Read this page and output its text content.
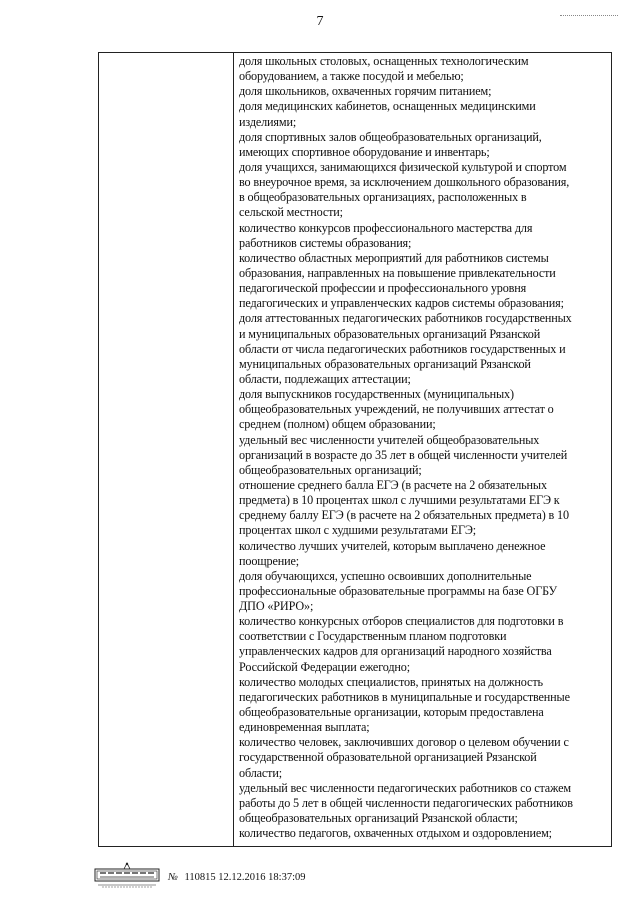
7
доля школьных столовых, оснащенных технологическим
оборудованием, а также посудой и мебелью;
доля школьников, охваченных горячим питанием;
доля медицинских кабинетов, оснащенных медицинскими
изделиями;
доля спортивных залов общеобразовательных организаций,
имеющих спортивное оборудование и инвентарь;
доля учащихся, занимающихся физической культурой и спортом
во внеурочное время, за исключением дошкольного образования,
в общеобразовательных организациях, расположенных в
сельской местности;
количество конкурсов профессионального мастерства для
работников системы образования;
количество областных мероприятий для работников системы
образования, направленных на повышение привлекательности
педагогической профессии и профессионального уровня
педагогических и управленческих кадров системы образования;
доля аттестованных педагогических работников государственных
и муниципальных образовательных организаций Рязанской
области от числа педагогических работников государственных и
муниципальных образовательных организаций Рязанской
области, подлежащих аттестации;
доля выпускников государственных (муниципальных)
общеобразовательных учреждений, не получивших аттестат о
среднем (полном) общем образовании;
удельный вес численности учителей общеобразовательных
организаций в возрасте до 35 лет в общей численности учителей
общеобразовательных организаций;
отношение среднего балла ЕГЭ (в расчете на 2 обязательных
предмета) в 10 процентах школ с лучшими результатами ЕГЭ к
среднему баллу ЕГЭ (в расчете на 2 обязательных предмета) в 10
процентах школ с худшими результатами ЕГЭ;
количество лучших учителей, которым выплачено денежное
поощрение;
доля обучающихся, успешно освоивших дополнительные
профессиональные образовательные программы на базе ОГБУ
ДПО «РИРО»;
количество конкурсных отборов специалистов для подготовки в
соответствии с Государственным планом подготовки
управленческих кадров для организаций народного хозяйства
Российской Федерации ежегодно;
количество молодых специалистов, принятых на должность
педагогических работников в муниципальные и государственные
общеобразовательные организации, которым предоставлена
единовременная выплата;
количество человек, заключивших договор о целевом обучении с
государственной образовательной организацией Рязанской
области;
удельный вес численности педагогических работников со стажем
работы до 5 лет в общей численности педагогических работников
общеобразовательных организаций Рязанской области;
количество педагогов, охваченных отдыхом и оздоровлением;
№ 110815 12.12.2016 18:37:09
